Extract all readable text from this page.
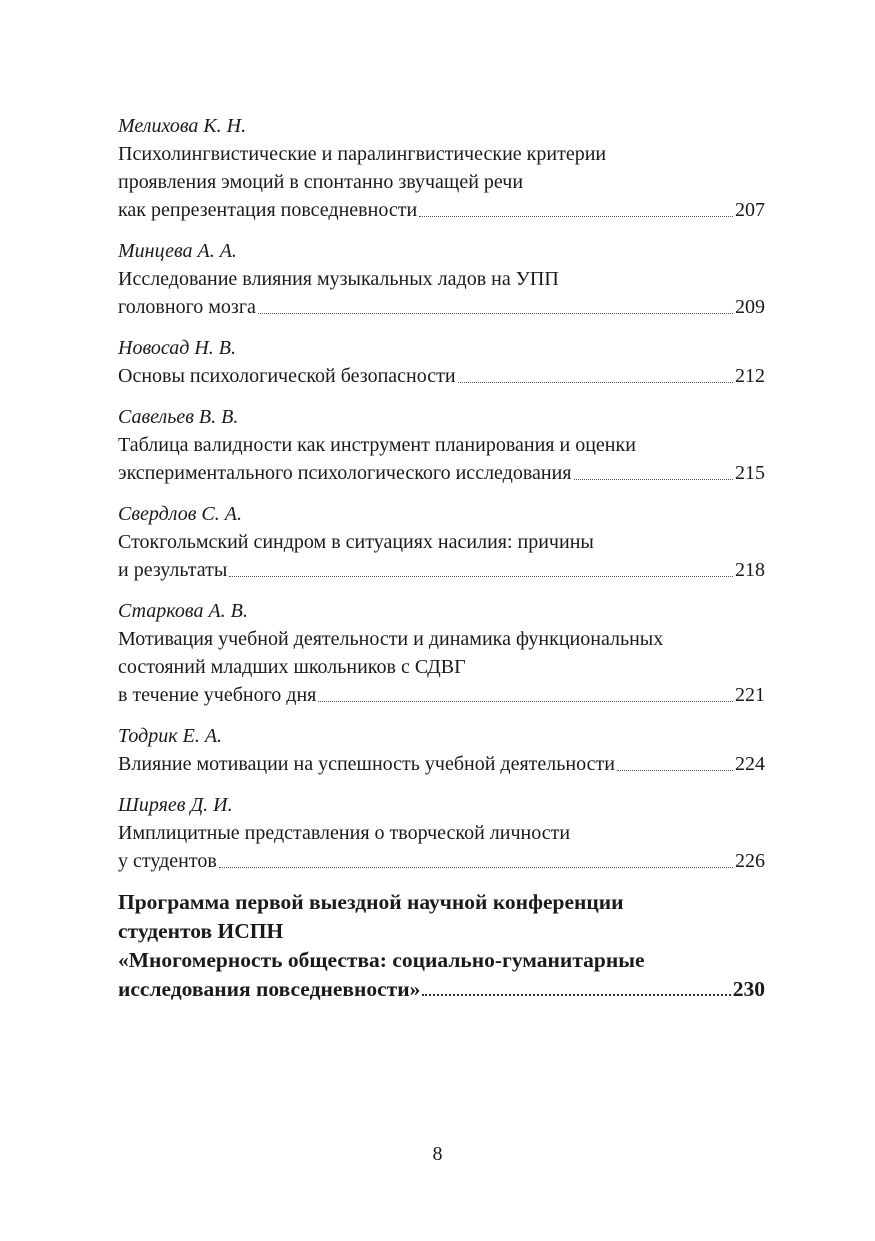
Мелихова К. Н.
Психолингвистические и паралингвистические критерии
проявления эмоций в спонтанно звучащей речи
как репрезентация повседневности	207
Минцева А. А.
Исследование влияния музыкальных ладов на УПП
головного мозга	209
Новосад Н. В.
Основы психологической безопасности	212
Савельев В. В.
Таблица валидности как инструмент планирования и оценки
экспериментального психологического исследования	215
Свердлов С. А.
Стокгольмский синдром в ситуациях насилия: причины
и результаты	218
Старкова А. В.
Мотивация учебной деятельности и динамика функциональных
состояний младших школьников с СДВГ
в течение учебного дня	221
Тодрик Е. А.
Влияние мотивации на успешность учебной деятельности	224
Ширяев Д. И.
Имплицитные представления о творческой личности
у студентов	226
Программа первой выездной научной конференции
студентов ИСПН
«Многомерность общества: социально-гуманитарные
исследования повседневности»	230
8
